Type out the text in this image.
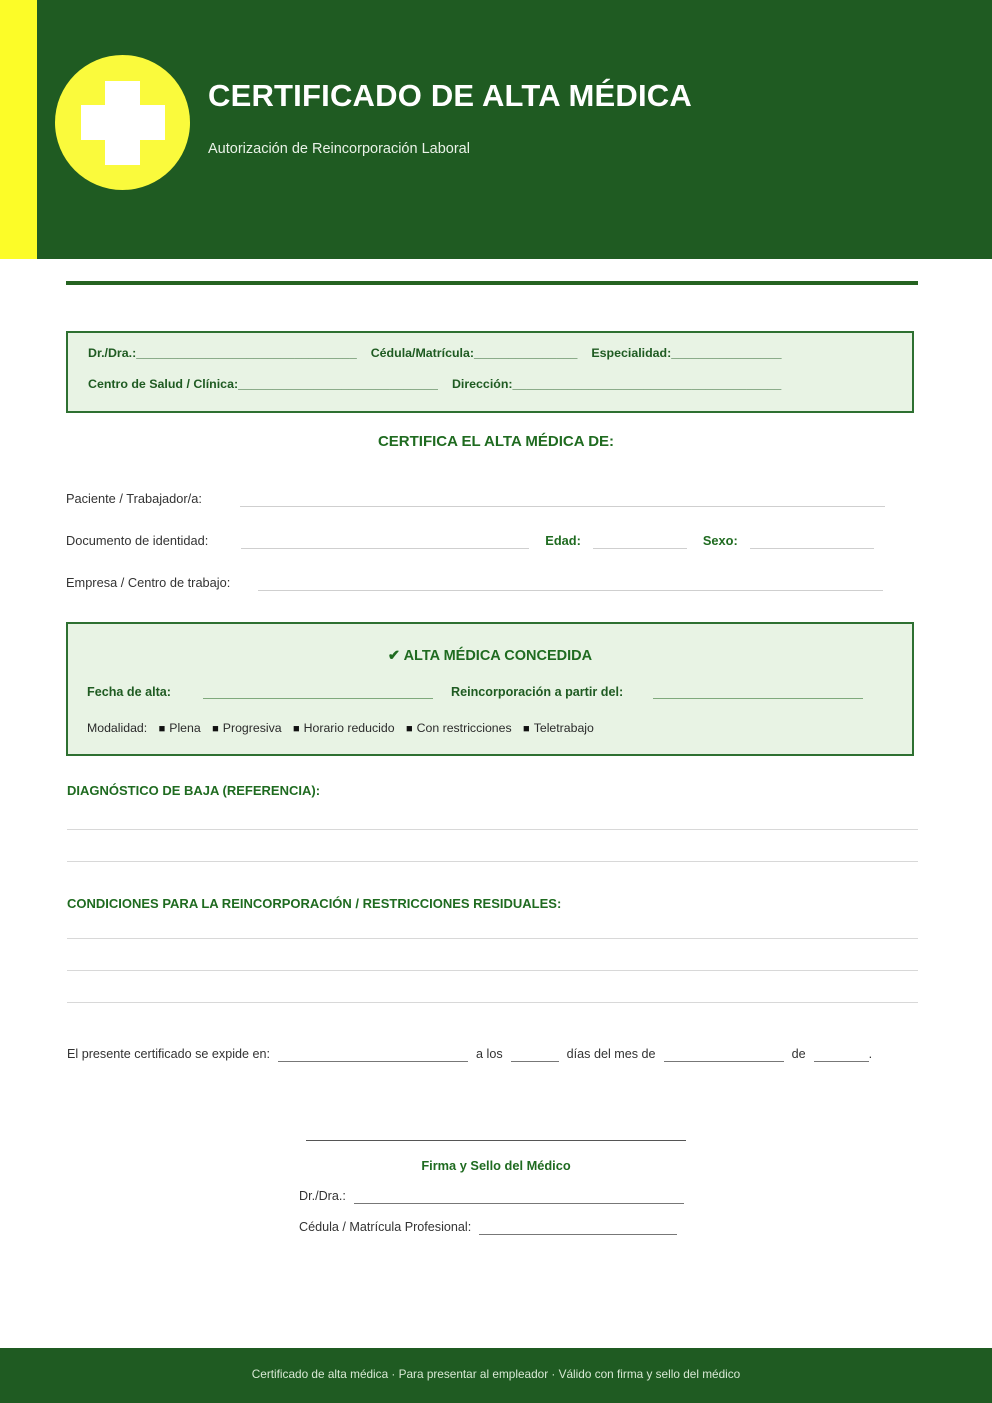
CERTIFICADO DE ALTA MÉDICA
Autorización de Reincorporación Laboral
Dr./Dra.:________________________________ Cédula/Matrícula:_______________ Especialidad:________________
Centro de Salud / Clínica:_____________________________ Dirección:_______________________________________
CERTIFICA EL ALTA MÉDICA DE:
Paciente / Trabajador/a:
Documento de identidad:	Edad:	Sexo:
Empresa / Centro de trabajo:
✔ ALTA MÉDICA CONCEDIDA
Fecha de alta:	Reincorporación a partir del:
Modalidad: ■ Plena ■ Progresiva ■ Horario reducido ■ Con restricciones ■ Teletrabajo
DIAGNÓSTICO DE BAJA (REFERENCIA):
CONDICIONES PARA LA REINCORPORACIÓN / RESTRICCIONES RESIDUALES:
El presente certificado se expide en:	a los	días del mes de	de	.
Firma y Sello del Médico
Dr./Dra.:
Cédula / Matrícula Profesional:
Certificado de alta médica · Para presentar al empleador · Válido con firma y sello del médico
